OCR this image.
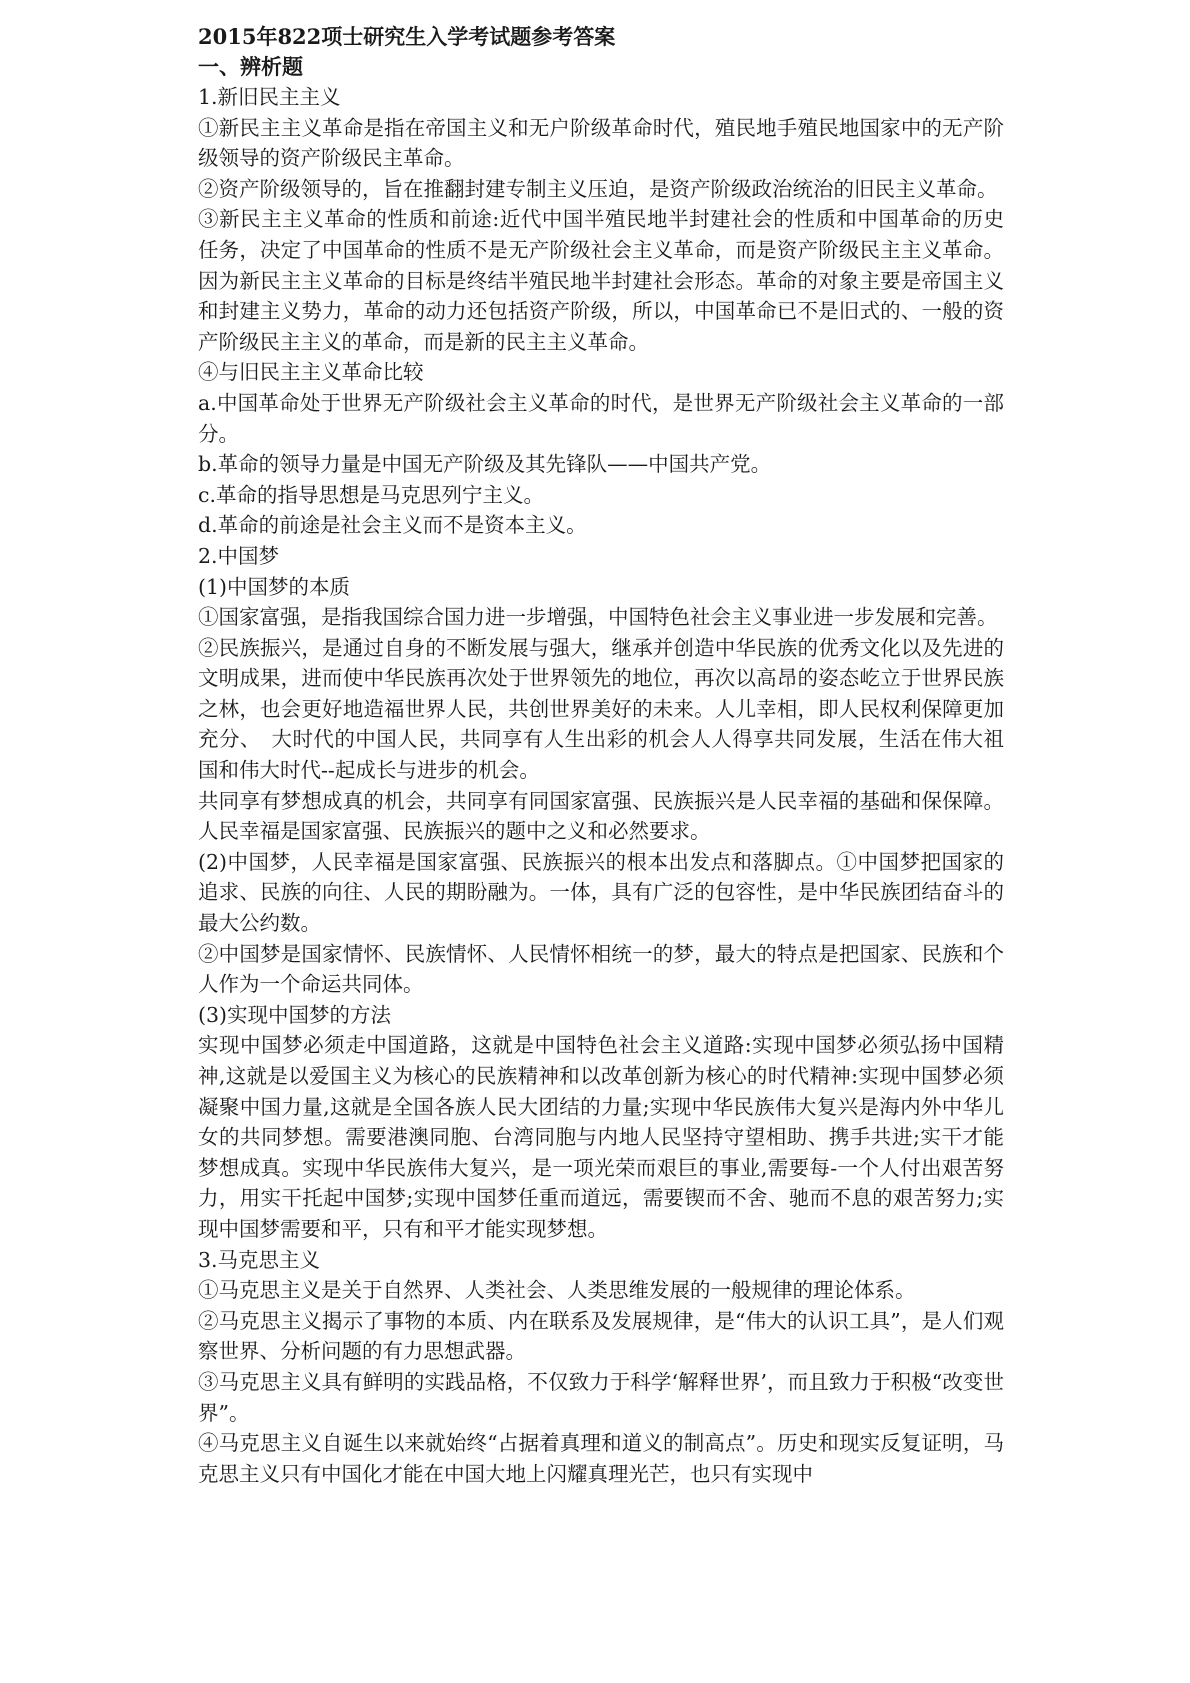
2015年822项士研究生入学考试题参考答案
一、辨析题
1.新旧民主主义
①新民主主义革命是指在帝国主义和无户阶级革命时代，殖民地手殖民地国家中的无产阶级领导的资产阶级民主革命。
②资产阶级领导的，旨在推翻封建专制主义压迫，是资产阶级政治统治的旧民主义革命。
③新民主主义革命的性质和前途:近代中国半殖民地半封建社会的性质和中国革命的历史任务，决定了中国革命的性质不是无产阶级社会主义革命，而是资产阶级民主主义革命。因为新民主主义革命的目标是终结半殖民地半封建社会形态。革命的对象主要是帝国主义和封建主义势力，革命的动力还包括资产阶级，所以，中国革命已不是旧式的、一般的资产阶级民主主义的革命，而是新的民主主义革命。
④与旧民主主义革命比较
a.中国革命处于世界无产阶级社会主义革命的时代，是世界无产阶级社会主义革命的一部分。
b.革命的领导力量是中国无产阶级及其先锋队——中国共产党。
c.革命的指导思想是马克思列宁主义。
d.革命的前途是社会主义而不是资本主义。
2.中国梦
(1)中国梦的本质
①国家富强，是指我国综合国力进一步增强，中国特色社会主义事业进一步发展和完善。
②民族振兴，是通过自身的不断发展与强大，继承并创造中华民族的优秀文化以及先进的文明成果，进而使中华民族再次处于世界领先的地位，再次以高昂的姿态屹立于世界民族之林，也会更好地造福世界人民，共创世界美好的未来。人儿幸相，即人民权利保障更加充分、　大时代的中国人民，共同享有人生出彩的机会人人得享共同发展，生活在伟大祖国和伟大时代--起成长与进步的机会。
共同享有梦想成真的机会，共同享有同国家富强、民族振兴是人民幸福的基础和保保障。人民幸福是国家富强、民族振兴的题中之义和必然要求。
(2)中国梦，人民幸福是国家富强、民族振兴的根本出发点和落脚点。①中国梦把国家的追求、民族的向往、人民的期盼融为。一体，具有广泛的包容性，是中华民族团结奋斗的最大公约数。
②中国梦是国家情怀、民族情怀、人民情怀相统一的梦，最大的特点是把国家、民族和个人作为一个命运共同体。
(3)实现中国梦的方法
实现中国梦必须走中国道路，这就是中国特色社会主义道路:实现中国梦必须弘扬中国精神,这就是以爱国主义为核心的民族精神和以改革创新为核心的时代精神:实现中国梦必须凝聚中国力量,这就是全国各族人民大团结的力量;实现中华民族伟大复兴是海内外中华儿女的共同梦想。需要港澳同胞、台湾同胞与内地人民坚持守望相助、携手共进;实干才能梦想成真。实现中华民族伟大复兴，是一项光荣而艰巨的事业,需要每-一个人付出艰苦努力，用实干托起中国梦;实现中国梦任重而道远，需要锲而不舍、驰而不息的艰苦努力;实现中国梦需要和平，只有和平才能实现梦想。
3.马克思主义
①马克思主义是关于自然界、人类社会、人类思维发展的一般规律的理论体系。
②马克思主义揭示了事物的本质、内在联系及发展规律，是“伟大的认识工具”，是人们观察世界、分析问题的有力思想武器。
③马克思主义具有鲜明的实践品格，不仅致力于科学‘解释世界’，而且致力于积极“改变世界”。
④马克思主义自诞生以来就始终“占据着真理和道义的制高点”。历史和现实反复证明，马克思主义只有中国化才能在中国大地上闪耀真理光芒，也只有实现中
